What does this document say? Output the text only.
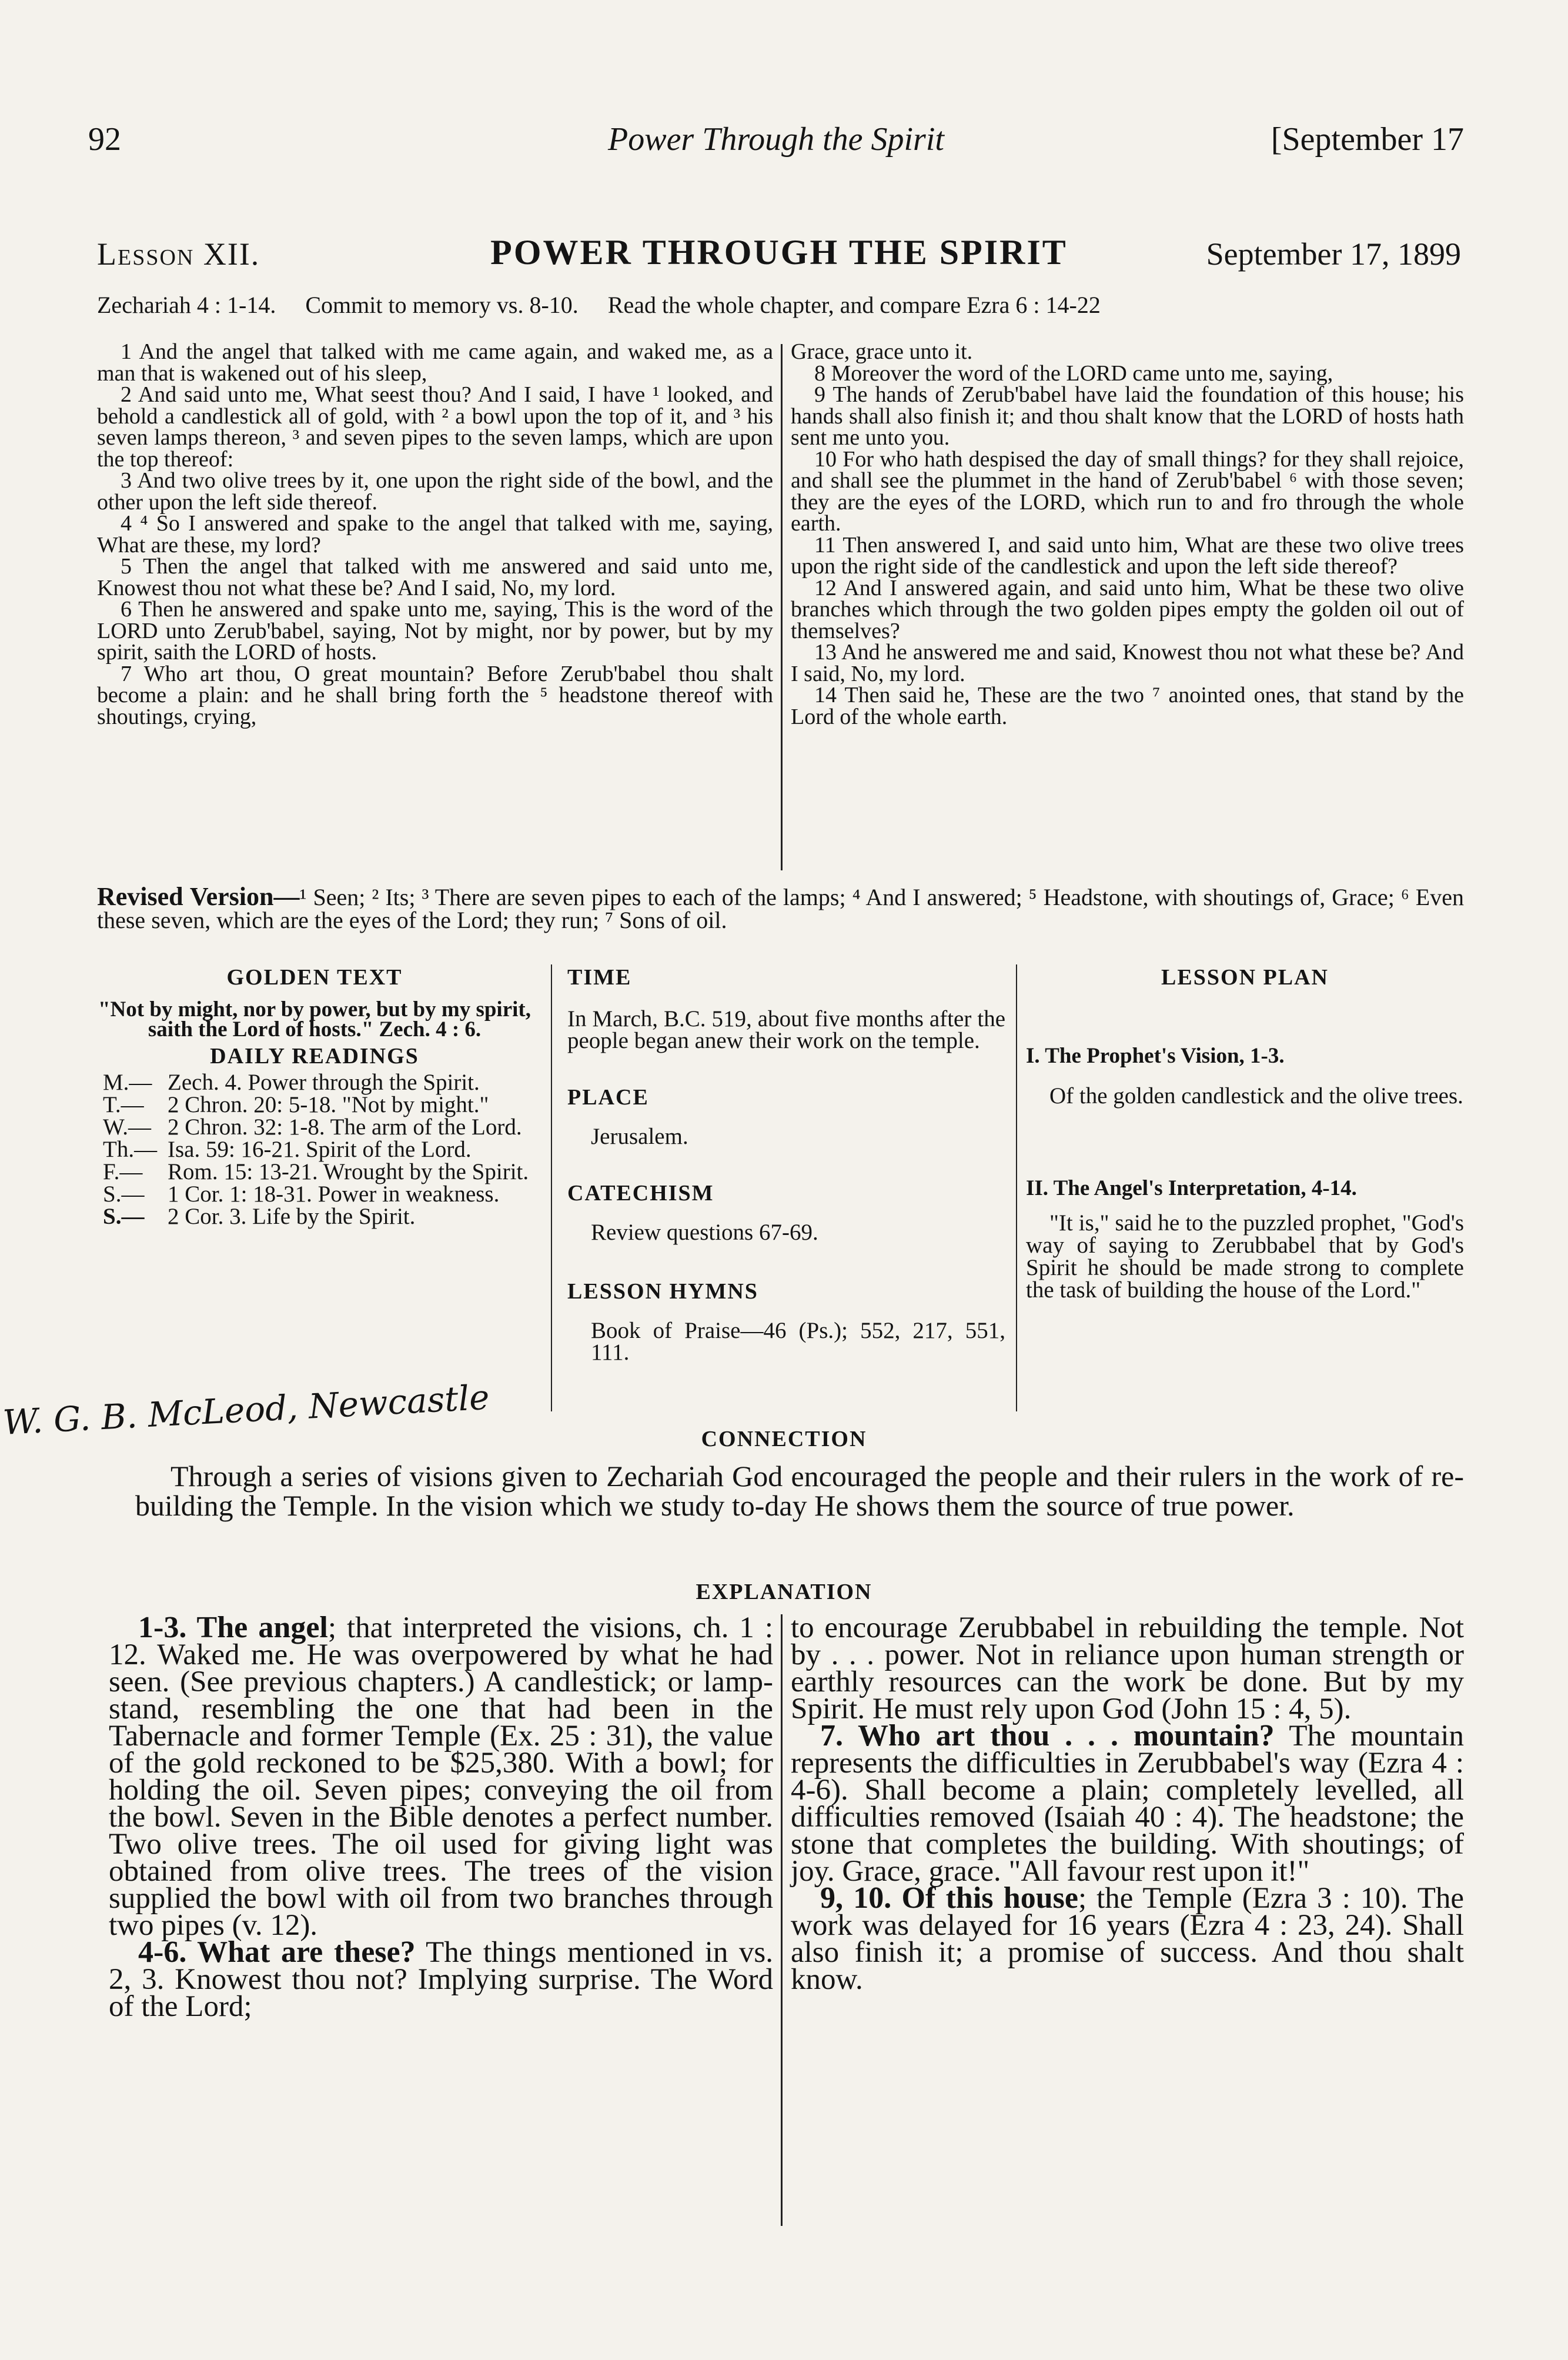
92	Power Through the Spirit	[September 17
Lesson XII.	POWER THROUGH THE SPIRIT	September 17, 1899
Zechariah 4 : 1-14. Commit to memory vs. 8-10. Read the whole chapter, and compare Ezra 6 : 14-22

1 And the angel that talked with me came again, and waked me, as a man that is wakened out of his sleep,

2 And said unto me, What seest thou? And I said, I have ¹ looked, and behold a candlestick all of gold, with ² a bowl upon the top of it, and ³ his seven lamps thereon, ³ and seven pipes to the seven lamps, which are upon the top thereof:

3 And two olive trees by it, one upon the right side of the bowl, and the other upon the left side thereof.

4 ⁴ So I answered and spake to the angel that talked with me, saying, What are these, my lord?

5 Then the angel that talked with me answered and said unto me, Knowest thou not what these be? And I said, No, my lord.

6 Then he answered and spake unto me, saying, This is the word of the LORD unto Zerub'babel, saying, Not by might, nor by power, but by my spirit, saith the LORD of hosts.

7 Who art thou, O great mountain? Before Zerub'babel thou shalt become a plain: and he shall bring forth the ⁵ headstone thereof with shoutings, crying,

Grace, grace unto it.

8 Moreover the word of the LORD came unto me, saying,

9 The hands of Zerub'babel have laid the foundation of this house; his hands shall also finish it; and thou shalt know that the LORD of hosts hath sent me unto you.

10 For who hath despised the day of small things? for they shall rejoice, and shall see the plummet in the hand of Zerub'babel ⁶ with those seven; they are the eyes of the LORD, which run to and fro through the whole earth.

11 Then answered I, and said unto him, What are these two olive trees upon the right side of the candlestick and upon the left side thereof?

12 And I answered again, and said unto him, What be these two olive branches which through the two golden pipes empty the golden oil out of themselves?

13 And he answered me and said, Knowest thou not what these be? And I said, No, my lord.

14 Then said he, These are the two ⁷ anointed ones, that stand by the Lord of the whole earth.

Revised Version—¹ Seen; ² Its; ³ There are seven pipes to each of the lamps; ⁴ And I answered; ⁵ Headstone, with shoutings of, Grace; ⁶ Even these seven, which are the eyes of the Lord; they run; ⁷ Sons of oil.
GOLDEN TEXT
"Not by might, nor by power, but by my spirit, saith the Lord of hosts." Zech. 4 : 6.
DAILY READINGS
M.— Zech. 4. Power through the Spirit.
T.—	2 Chron. 20: 5-18. "Not by might."
W.— 2 Chron. 32: 1-8. The arm of the Lord.
Th.— Isa. 59: 16-21. Spirit of the Lord.
F.—	Rom. 15: 13-21. Wrought by the Spirit.
S.—	1 Cor. 1: 18-31. Power in weakness.
S.—	2 Cor. 3. Life by the Spirit.
TIME
In March, B.C. 519, about five months after the people began anew their work on the temple.
PLACE
Jerusalem.
CATECHISM
Review questions 67-69.
LESSON HYMNS
Book of Praise—46 (Ps.); 552, 217, 551, 111.
LESSON PLAN
I. The Prophet's Vision, 1-3.
Of the golden candlestick and the olive trees.
II. The Angel's Interpretation, 4-14.
"It is," said he to the puzzled prophet, "God's way of saying to Zerubbabel that by God's Spirit he should be made strong to complete the task of building the house of the Lord."
W. G. B. McLeod, Newcastle	CONNECTION
Through a series of visions given to Zechariah God encouraged the people and their rulers in the work of re-building the Temple. In the vision which we study to-day He shows them the source of true power.
EXPLANATION

1-3. The angel; that interpreted the visions, ch. 1 : 12. Waked me. He was overpowered by what he had seen. (See previous chapters.) A candlestick; or lamp-stand, resembling the one that had been in the Tabernacle and former Temple (Ex. 25 : 31), the value of the gold reckoned to be $25,380. With a bowl; for holding the oil. Seven pipes; conveying the oil from the bowl. Seven in the Bible denotes a perfect number. Two olive trees. The oil used for giving light was obtained from olive trees. The trees of the vision supplied the bowl with oil from two branches through two pipes (v. 12).

4-6. What are these? The things mentioned in vs. 2, 3. Knowest thou not? Implying surprise. The Word of the Lord;

to encourage Zerubbabel in rebuilding the temple. Not by . . . power. Not in reliance upon human strength or earthly resources can the work be done. But by my Spirit. He must rely upon God (John 15 : 4, 5).

7. Who art thou . . . mountain? The mountain represents the difficulties in Zerubbabel's way (Ezra 4 : 4-6). Shall become a plain; completely levelled, all difficulties removed (Isaiah 40 : 4). The headstone; the stone that completes the building. With shoutings; of joy. Grace, grace. "All favour rest upon it!"

9, 10. Of this house; the Temple (Ezra 3 : 10). The work was delayed for 16 years (Ezra 4 : 23, 24). Shall also finish it; a promise of success. And thou shalt know.
